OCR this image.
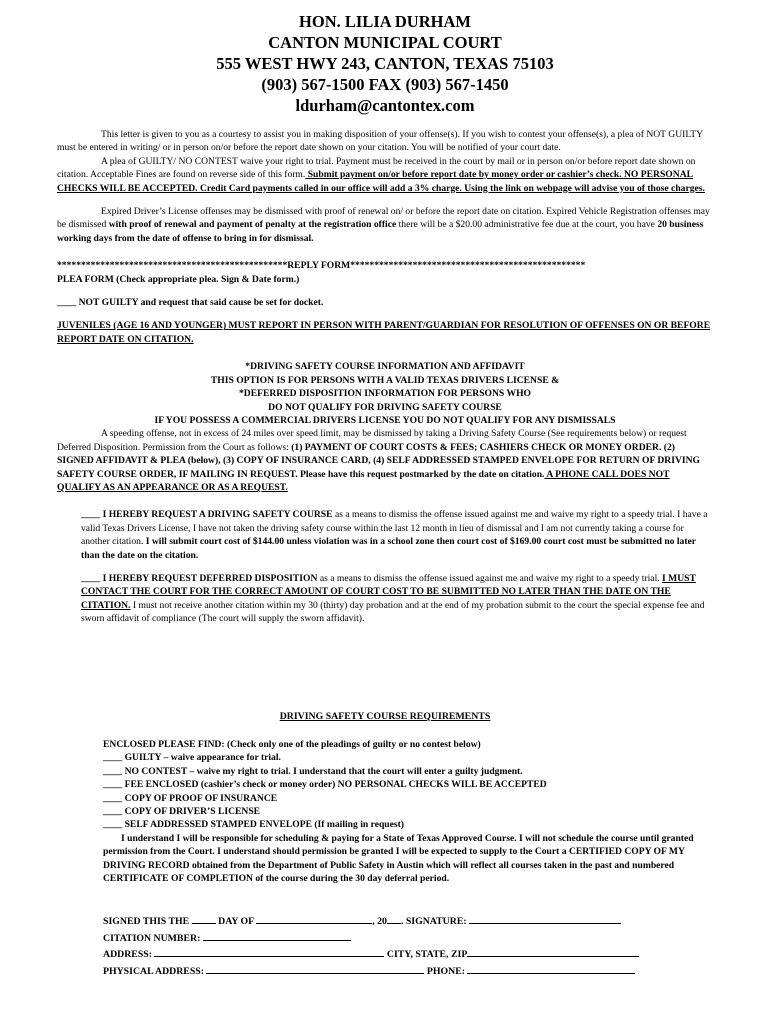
HON. LILIA DURHAM
CANTON MUNICIPAL COURT
555 WEST HWY 243, CANTON, TEXAS 75103
(903) 567-1500 FAX (903) 567-1450
ldurham@cantontex.com

This letter is given to you as a courtesy to assist you in making disposition of your offense(s). If you wish to contest your offense(s), a plea of NOT GUILTY must be entered in writing/ or in person on/or before the report date shown on your citation. You will be notified of your court date.

A plea of GUILTY/ NO CONTEST waive your right to trial. Payment must be received in the court by mail or in person on/or before report date shown on citation. Acceptable Fines are found on reverse side of this form. Submit payment on/or before report date by money order or cashier’s check. NO PERSONAL CHECKS WILL BE ACCEPTED. Credit Card payments called in our office will add a 3% charge. Using the link on webpage will advise you of those charges.

Expired Driver’s License offenses may be dismissed with proof of renewal on/ or before the report date on citation. Expired Vehicle Registration offenses may be dismissed with proof of renewal and payment of penalty at the registration office there will be a $20.00 administrative fee due at the court, you have 20 business working days from the date of offense to bring in for dismissal.

************************************************REPLY FORM*************************************************

PLEA FORM (Check appropriate plea. Sign & Date form.)

____ NOT GUILTY and request that said cause be set for docket.

JUVENILES (AGE 16 AND YOUNGER) MUST REPORT IN PERSON WITH PARENT/GUARDIAN FOR RESOLUTION OF OFFENSES ON OR BEFORE REPORT DATE ON CITATION.

*DRIVING SAFETY COURSE INFORMATION AND AFFIDAVIT

THIS OPTION IS FOR PERSONS WITH A VALID TEXAS DRIVERS LICENSE &

*DEFERRED DISPOSITION INFORMATION FOR PERSONS WHO

DO NOT QUALIFY FOR DRIVING SAFETY COURSE

IF YOU POSSESS A COMMERCIAL DRIVERS LICENSE YOU DO NOT QUALIFY FOR ANY DISMISSALS

A speeding offense, not in excess of 24 miles over speed limit, may be dismissed by taking a Driving Safety Course (See requirements below) or request Deferred Disposition. Permission from the Court as follows: (1) PAYMENT OF COURT COSTS & FEES; CASHIERS CHECK OR MONEY ORDER. (2) SIGNED AFFIDAVIT & PLEA (below), (3) COPY OF INSURANCE CARD, (4) SELF ADDRESSED STAMPED ENVELOPE FOR RETURN OF DRIVING SAFETY COURSE ORDER, IF MAILING IN REQUEST. Please have this request postmarked by the date on citation. A PHONE CALL DOES NOT QUALIFY AS AN APPEARANCE OR AS A REQUEST.

____ I HEREBY REQUEST A DRIVING SAFETY COURSE as a means to dismiss the offense issued against me and waive my right to a speedy trial. I have a valid Texas Drivers License, I have not taken the driving safety course within the last 12 month in lieu of dismissal and I am not currently taking a course for another citation. I will submit court cost of $144.00 unless violation was in a school zone then court cost of $169.00 court cost must be submitted no later than the date on the citation.

____ I HEREBY REQUEST DEFERRED DISPOSITION as a means to dismiss the offense issued against me and waive my right to a speedy trial. I MUST CONTACT THE COURT FOR THE CORRECT AMOUNT OF COURT COST TO BE SUBMITTED NO LATER THAN THE DATE ON THE CITATION. I must not receive another citation within my 30 (thirty) day probation and at the end of my probation submit to the court the special expense fee and sworn affidavit of compliance (The court will supply the sworn affidavit).

DRIVING SAFETY COURSE REQUIREMENTS

ENCLOSED PLEASE FIND: (Check only one of the pleadings of guilty or no contest below)

____ GUILTY – waive appearance for trial.

____ NO CONTEST – waive my right to trial. I understand that the court will enter a guilty judgment.

____ FEE ENCLOSED (cashier’s check or money order) NO PERSONAL CHECKS WILL BE ACCEPTED

____ COPY OF PROOF OF INSURANCE

____ COPY OF DRIVER’S LICENSE

____ SELF ADDRESSED STAMPED ENVELOPE (If mailing in request)

I understand I will be responsible for scheduling & paying for a State of Texas Approved Course. I will not schedule the course until granted permission from the Court. I understand should permission be granted I will be expected to supply to the Court a CERTIFIED COPY OF MY DRIVING RECORD obtained from the Department of Public Safety in Austin which will reflect all courses taken in the past and numbered CERTIFICATE OF COMPLETION of the course during the 30 day deferral period.

SIGNED THIS THE	DAY OF	, 20 . SIGNATURE:
CITATION NUMBER:
ADDRESS:	CITY, STATE, ZIP
PHYSICAL ADDRESS:	PHONE:
